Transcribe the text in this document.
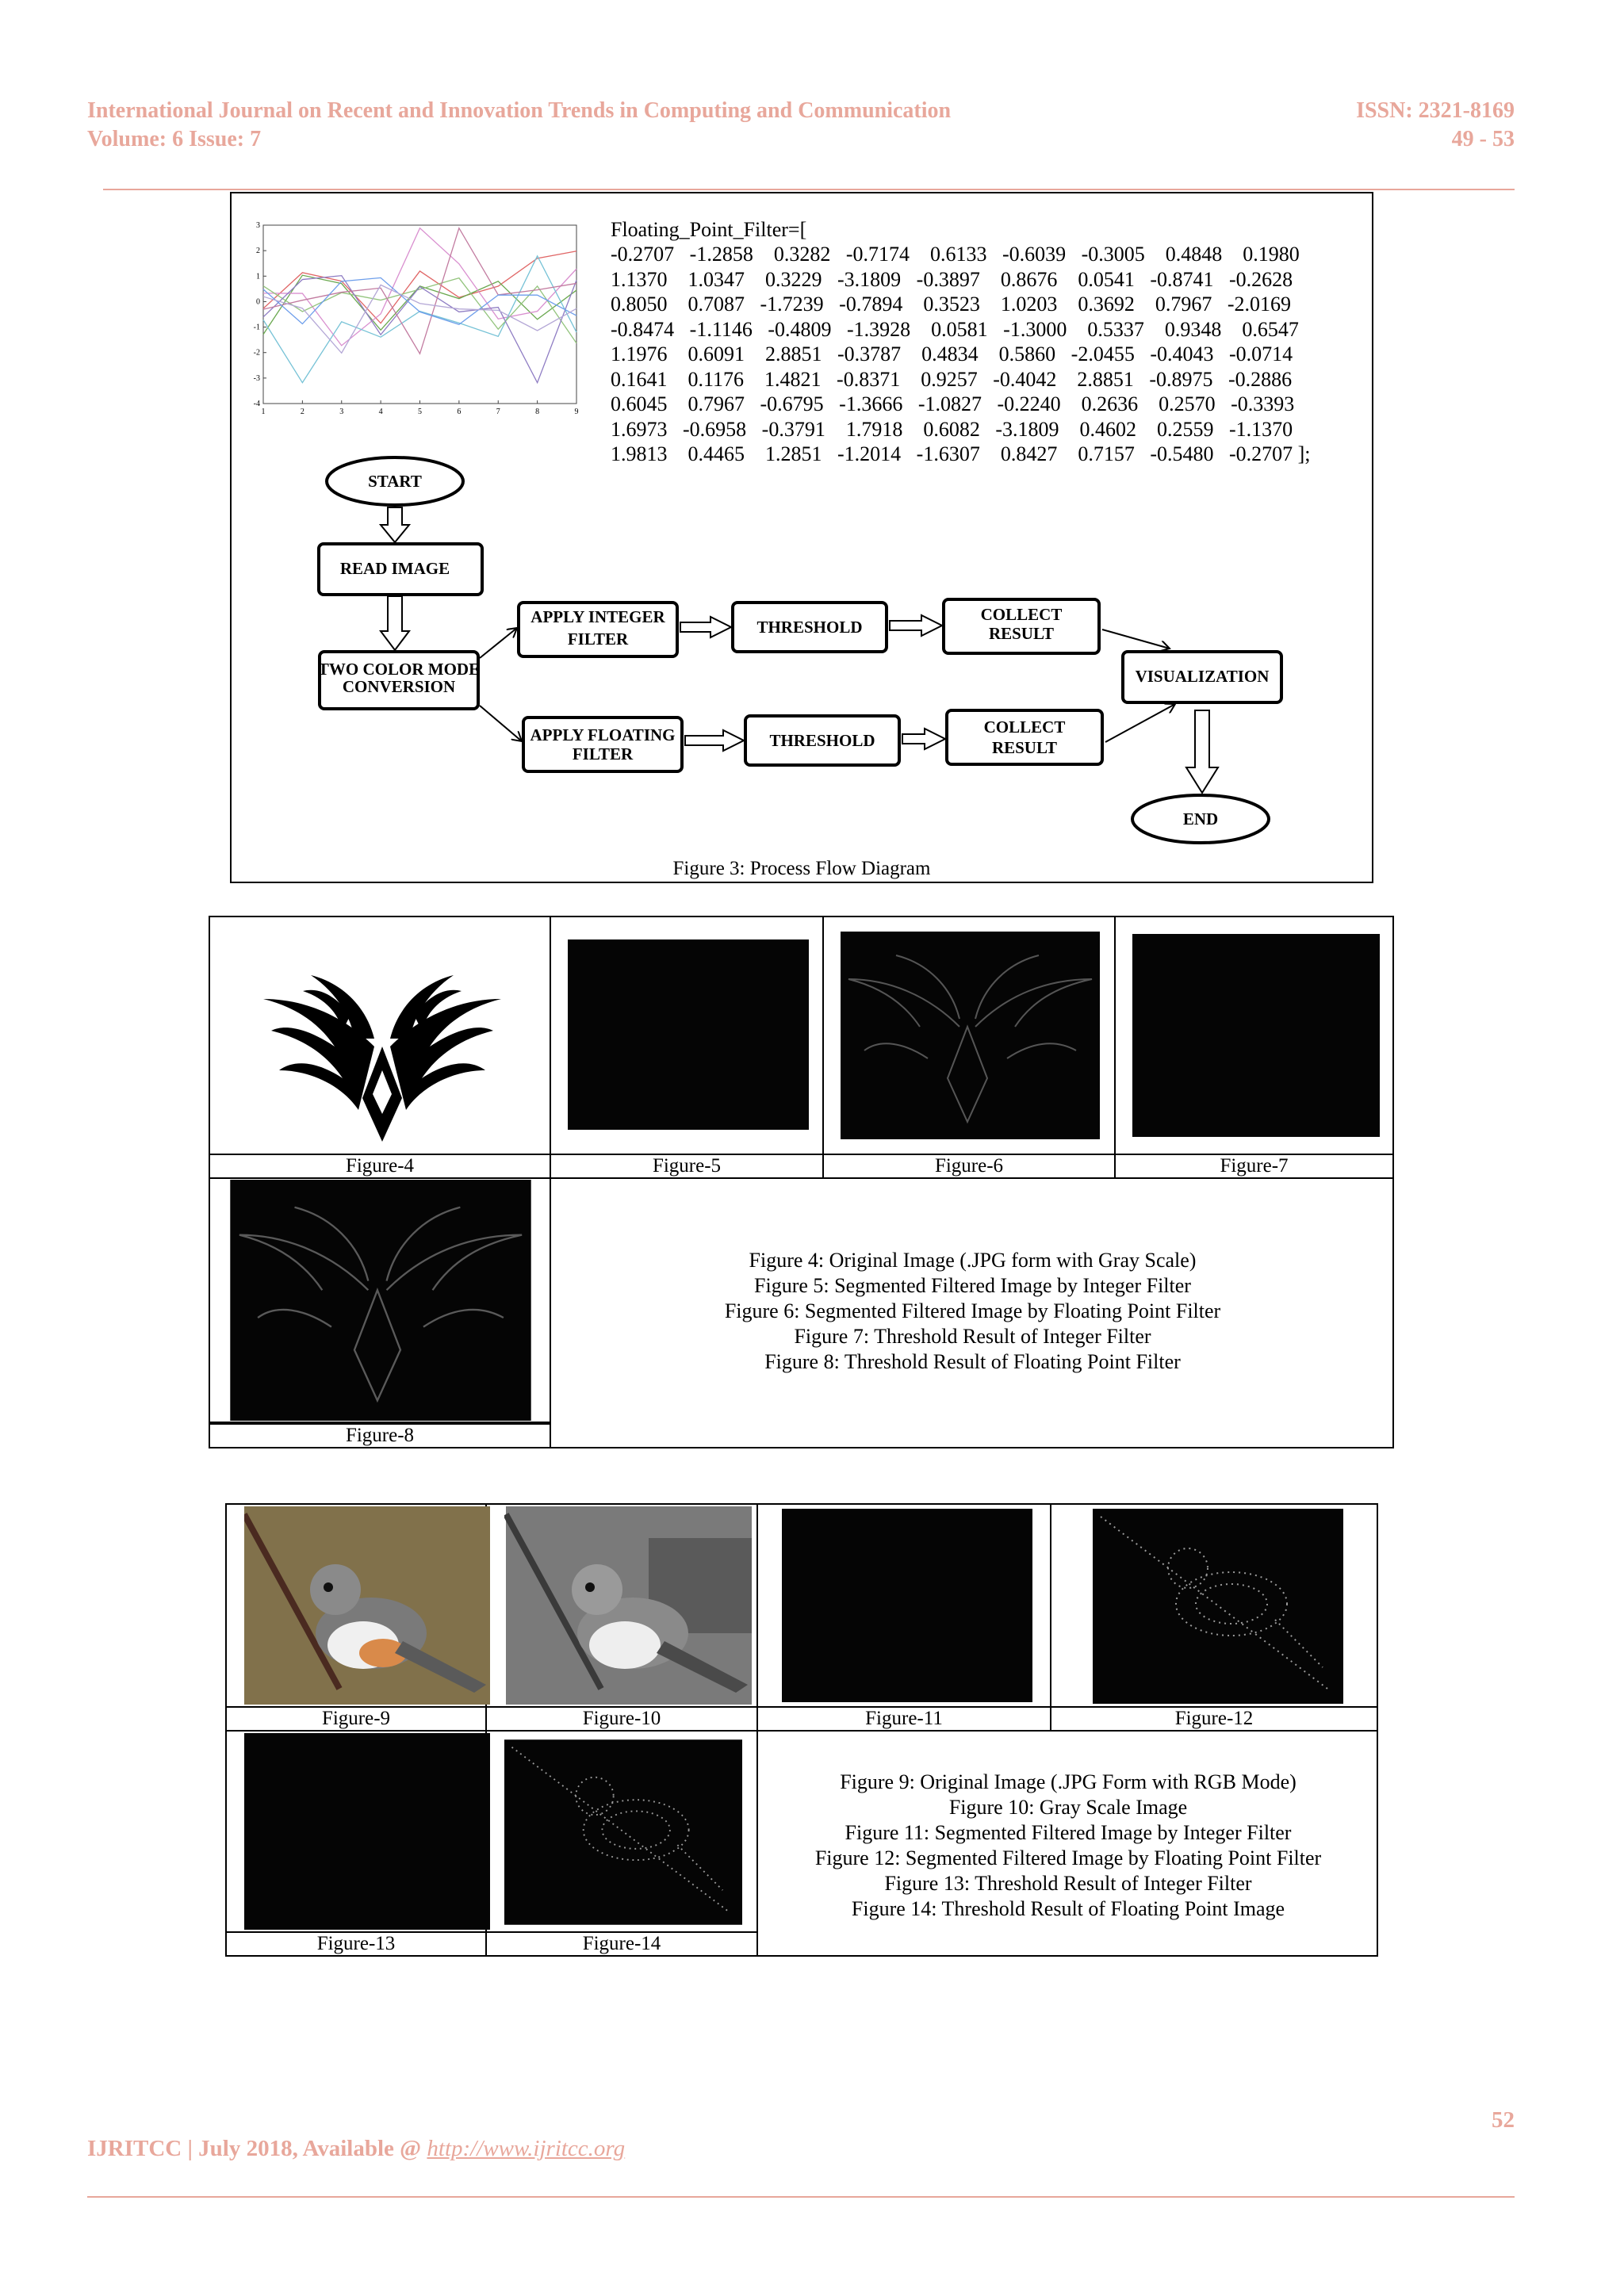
International Journal on Recent and Innovation Trends in Computing and Communication
Volume: 6 Issue: 7
ISSN: 2321-8169
49 - 53
1	2	3	4	5	6	7	8	9
3
2
1
0
-1
-2
-3
-4

Floating_Point_Filter=[
-0.2707   -1.2858    0.3282   -0.7174    0.6133   -0.6039   -0.3005    0.4848    0.1980
1.1370    1.0347    0.3229   -3.1809   -0.3897    0.8676    0.0541   -0.8741   -0.2628
0.8050    0.7087   -1.7239   -0.7894    0.3523    1.0203    0.3692    0.7967   -2.0169
-0.8474   -1.1146   -0.4809   -1.3928    0.0581   -1.3000    0.5337    0.9348    0.6547
1.1976    0.6091    2.8851   -0.3787    0.4834    0.5860   -2.0455   -0.4043   -0.0714
0.1641    0.1176    1.4821   -0.8371    0.9257   -0.4042    2.8851   -0.8975   -0.2886
0.6045    0.7967   -0.6795   -1.3666   -1.0827   -0.2240    0.2636    0.2570   -0.3393
1.6973   -0.6958   -0.3791    1.7918    0.6082   -3.1809    0.4602    0.2559   -1.1370
1.9813    0.4465    1.2851   -1.2014   -1.6307    0.8427    0.7157   -0.5480   -0.2707 ];

START
READ IMAGE
TWO COLOR MODE
CONVERSION
APPLY INTEGER
FILTER
THRESHOLD
COLLECT
RESULT
APPLY FLOATING
FILTER
THRESHOLD
COLLECT
RESULT
VISUALIZATION
END
Figure 3: Process Flow Diagram
Figure-4	Figure-5	Figure-6	Figure-7
Figure-8
Figure 4: Original Image (.JPG form with Gray Scale)
Figure 5: Segmented Filtered Image by Integer Filter
Figure 6: Segmented Filtered Image by Floating Point Filter
Figure 7: Threshold Result of Integer Filter
Figure 8: Threshold Result of Floating Point Filter
Figure-9	Figure-10	Figure-11	Figure-12
Figure-13	Figure-14
Figure 9: Original Image (.JPG Form with RGB Mode)
Figure 10: Gray Scale Image
Figure 11: Segmented Filtered Image by Integer Filter
Figure 12: Segmented Filtered Image by Floating Point Filter
Figure 13: Threshold Result of Integer Filter
Figure 14: Threshold Result of Floating Point Image
52
IJRITCC | July 2018, Available @ http://www.ijritcc.org
